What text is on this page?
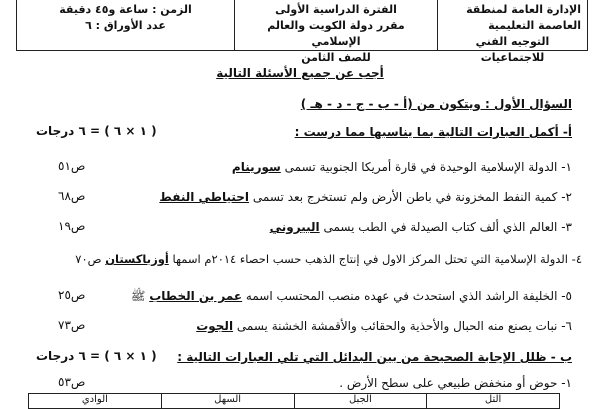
الإدارة العامة لمنطقة العاصمة التعليمية
التوجيه الفني للاجتماعيات
الفترة الدراسية الأولى
مقرر دولة الكويت والعالم الإسلامي
للصف الثامن
الزمن : ساعة و٤٥ دقيقة
عدد الأوراق : ٦
أجب عن جميع الأسئلة التالية
السؤال الأول : ويتكون من (أ - ب - ج - د - هـ )
أ- أكمل العبارات التالية بما يناسبها مما درست :
( ١ × ٦ ) = ٦ درجات
١- الدولة الإسلامية الوحيدة في قارة أمريكا الجنوبية تسمى سورينام
ص٥١
٢- كمية النفط المخزونة في باطن الأرض ولم تستخرج بعد تسمى احتياطي النفط
ص٦٨
٣- العالم الذي ألف كتاب الصيدلة في الطب يسمى البيروني
ص١٩
٤- الدولة الإسلامية التي تحتل المركز الاول في إنتاج الذهب حسب احصاء ٢٠١٤م اسمها أوزباكستان ص٧٠
٥- الخليفة الراشد الذي استحدث في عهده منصب المحتسب اسمه عمر بن الخطاب ﷺ
ص٢٥
٦- نبات يصنع منه الحبال والأحذية والحقائب والأقمشة الخشنة يسمى الجوت
ص٧٣
ب - ظلل الإجابة الصحيحة من بين البدائل التي تلي العبارات التالية :
( ١ × ٦ ) = ٦ درجات
١- حوض أو منخفض طبيعي على سطح الأرض .
ص٥٣
التل
الجبل
السهل
الوادي
